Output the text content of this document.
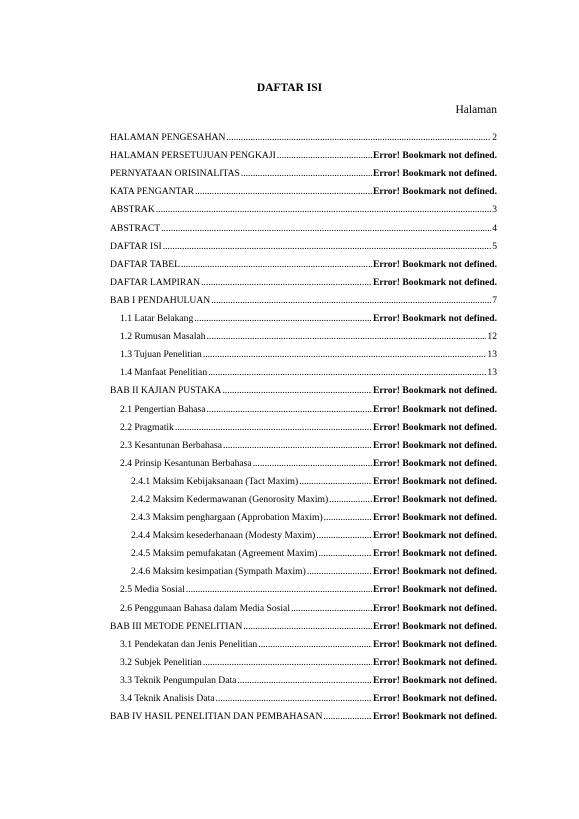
DAFTAR ISI
Halaman
HALAMAN PENGESAHAN .....	2
HALAMAN PERSETUJUAN PENGKAJI .....	Error! Bookmark not defined.
PERNYATAAN ORISINALITAS .....	Error! Bookmark not defined.
KATA PENGANTAR .....	Error! Bookmark not defined.
ABSTRAK .....	3
ABSTRACT .....	4
DAFTAR ISI .....	5
DAFTAR TABEL .....	Error! Bookmark not defined.
DAFTAR LAMPIRAN .....	Error! Bookmark not defined.
BAB I PENDAHULUAN .....	7
1.1 Latar Belakang .....	Error! Bookmark not defined.
1.2 Rumusan Masalah .....	12
1.3 Tujuan Penelitian .....	13
1.4 Manfaat Penelitian .....	13
BAB II KAJIAN PUSTAKA .....	Error! Bookmark not defined.
2.1 Pengertian Bahasa .....	Error! Bookmark not defined.
2.2 Pragmatik .....	Error! Bookmark not defined.
2.3 Kesantunan Berbahasa .....	Error! Bookmark not defined.
2.4 Prinsip Kesantunan Berbahasa .....	Error! Bookmark not defined.
2.4.1 Maksim Kebijaksanaan (Tact Maxim) .....	Error! Bookmark not defined.
2.4.2 Maksim Kedermawanan (Genorosity Maxim) .....	Error! Bookmark not defined.
2.4.3 Maksim penghargaan (Approbation Maxim) .....	Error! Bookmark not defined.
2.4.4 Maksim kesederhanaan (Modesty Maxim) .....	Error! Bookmark not defined.
2.4.5 Maksim pemufakatan (Agreement Maxim) .....	Error! Bookmark not defined.
2.4.6 Maksim kesimpatian (Sympath Maxim) .....	Error! Bookmark not defined.
2.5 Media Sosial .....	Error! Bookmark not defined.
2.6 Penggunaan Bahasa dalam Media Sosial .....	Error! Bookmark not defined.
BAB III METODE PENELITIAN .....	Error! Bookmark not defined.
3.1 Pendekatan dan Jenis Penelitian .....	Error! Bookmark not defined.
3.2 Subjek Penelitian .....	Error! Bookmark not defined.
3.3 Teknik Pengumpulan Data .....	Error! Bookmark not defined.
3.4 Teknik Analisis Data .....	Error! Bookmark not defined.
BAB IV HASIL PENELITIAN DAN PEMBAHASAN .....	Error! Bookmark not defined.
